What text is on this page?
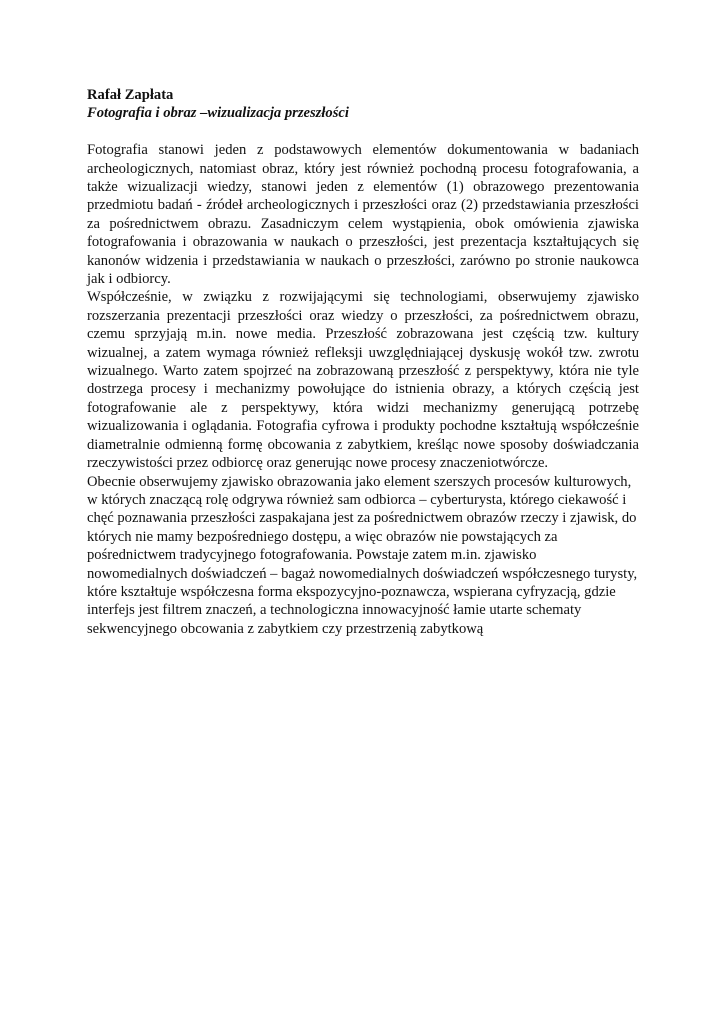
Rafał Zapłata

Fotografia i obraz –wizualizacja przeszłości

Fotografia stanowi jeden z podstawowych elementów dokumentowania w badaniach archeologicznych, natomiast obraz, który jest również pochodną procesu fotografowania, a także wizualizacji wiedzy, stanowi jeden z elementów (1) obrazowego prezentowania przedmiotu badań - źródeł archeologicznych i przeszłości oraz (2) przedstawiania przeszłości za pośrednictwem obrazu. Zasadniczym celem wystąpienia, obok omówienia zjawiska fotografowania i obrazowania w naukach o przeszłości, jest prezentacja kształtujących się kanonów widzenia i przedstawiania w naukach o przeszłości, zarówno po stronie naukowca jak i odbiorcy.

Współcześnie, w związku z rozwijającymi się technologiami, obserwujemy zjawisko rozszerzania prezentacji przeszłości oraz wiedzy o przeszłości, za pośrednictwem obrazu, czemu sprzyjają m.in. nowe media. Przeszłość zobrazowana jest częścią tzw. kultury wizualnej, a zatem wymaga również refleksji uwzględniającej dyskusję wokół tzw. zwrotu wizualnego. Warto zatem spojrzeć na zobrazowaną przeszłość z perspektywy, która nie tyle dostrzega procesy i mechanizmy powołujące do istnienia obrazy, a których częścią jest fotografowanie ale z perspektywy, która widzi mechanizmy generującą potrzebę wizualizowania i oglądania. Fotografia cyfrowa i produkty pochodne kształtują współcześnie diametralnie odmienną formę obcowania z zabytkiem, kreśląc nowe sposoby doświadczania rzeczywistości przez odbiorcę oraz generując nowe procesy znaczeniotwórcze.

Obecnie obserwujemy zjawisko obrazowania jako element szerszych procesów kulturowych, w których znaczącą rolę odgrywa również sam odbiorca – cyberturysta, którego ciekawość i chęć poznawania przeszłości zaspakajana jest za pośrednictwem obrazów rzeczy i zjawisk, do których nie mamy bezpośredniego dostępu, a więc obrazów nie powstających za pośrednictwem tradycyjnego fotografowania. Powstaje zatem m.in. zjawisko nowomedialnych doświadczeń – bagaż nowomedialnych doświadczeń współczesnego turysty, które kształtuje współczesna forma ekspozycyjno-poznawcza, wspierana cyfryzacją, gdzie interfejs jest filtrem znaczeń, a technologiczna innowacyjność łamie utarte schematy sekwencyjnego obcowania z zabytkiem czy przestrzenią zabytkową
